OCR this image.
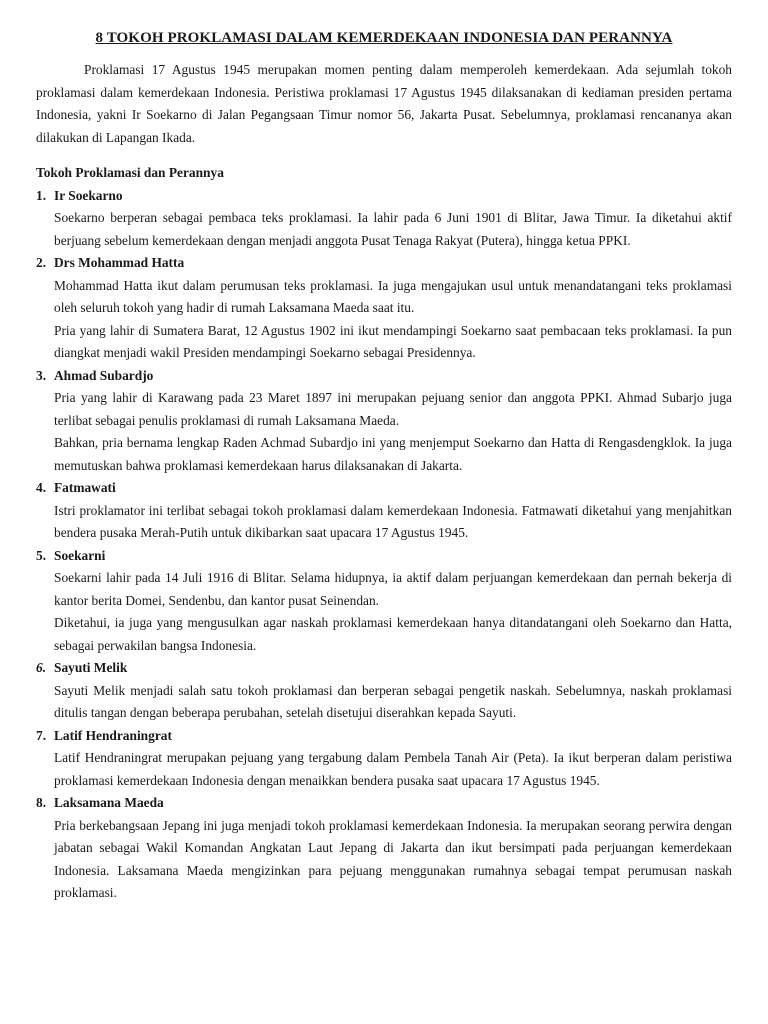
8 TOKOH PROKLAMASI DALAM KEMERDEKAAN INDONESIA DAN PERANNYA

Proklamasi 17 Agustus 1945 merupakan momen penting dalam memperoleh kemerdekaan. Ada sejumlah tokoh proklamasi dalam kemerdekaan Indonesia. Peristiwa proklamasi 17 Agustus 1945 dilaksanakan di kediaman presiden pertama Indonesia, yakni Ir Soekarno di Jalan Pegangsaan Timur nomor 56, Jakarta Pusat. Sebelumnya, proklamasi rencananya akan dilakukan di Lapangan Ikada.

Tokoh Proklamasi dan Perannya
1. Ir Soekarno

Soekarno berperan sebagai pembaca teks proklamasi. Ia lahir pada 6 Juni 1901 di Blitar, Jawa Timur. Ia diketahui aktif berjuang sebelum kemerdekaan dengan menjadi anggota Pusat Tenaga Rakyat (Putera), hingga ketua PPKI.

2. Drs Mohammad Hatta

Mohammad Hatta ikut dalam perumusan teks proklamasi. Ia juga mengajukan usul untuk menandatangani teks proklamasi oleh seluruh tokoh yang hadir di rumah Laksamana Maeda saat itu.

Pria yang lahir di Sumatera Barat, 12 Agustus 1902 ini ikut mendampingi Soekarno saat pembacaan teks proklamasi. Ia pun diangkat menjadi wakil Presiden mendampingi Soekarno sebagai Presidennya.

3. Ahmad Subardjo

Pria yang lahir di Karawang pada 23 Maret 1897 ini merupakan pejuang senior dan anggota PPKI. Ahmad Subarjo juga terlibat sebagai penulis proklamasi di rumah Laksamana Maeda.

Bahkan, pria bernama lengkap Raden Achmad Subardjo ini yang menjemput Soekarno dan Hatta di Rengasdengklok. Ia juga memutuskan bahwa proklamasi kemerdekaan harus dilaksanakan di Jakarta.

4. Fatmawati

Istri proklamator ini terlibat sebagai tokoh proklamasi dalam kemerdekaan Indonesia. Fatmawati diketahui yang menjahitkan bendera pusaka Merah-Putih untuk dikibarkan saat upacara 17 Agustus 1945.

5. Soekarni

Soekarni lahir pada 14 Juli 1916 di Blitar. Selama hidupnya, ia aktif dalam perjuangan kemerdekaan dan pernah bekerja di kantor berita Domei, Sendenbu, dan kantor pusat Seinendan.

Diketahui, ia juga yang mengusulkan agar naskah proklamasi kemerdekaan hanya ditandatangani oleh Soekarno dan Hatta, sebagai perwakilan bangsa Indonesia.

6. Sayuti Melik

Sayuti Melik menjadi salah satu tokoh proklamasi dan berperan sebagai pengetik naskah. Sebelumnya, naskah proklamasi ditulis tangan dengan beberapa perubahan, setelah disetujui diserahkan kepada Sayuti.

7. Latif Hendraningrat

Latif Hendraningrat merupakan pejuang yang tergabung dalam Pembela Tanah Air (Peta). Ia ikut berperan dalam peristiwa proklamasi kemerdekaan Indonesia dengan menaikkan bendera pusaka saat upacara 17 Agustus 1945.

8. Laksamana Maeda

Pria berkebangsaan Jepang ini juga menjadi tokoh proklamasi kemerdekaan Indonesia. Ia merupakan seorang perwira dengan jabatan sebagai Wakil Komandan Angkatan Laut Jepang di Jakarta dan ikut bersimpati pada perjuangan kemerdekaan Indonesia. Laksamana Maeda mengizinkan para pejuang menggunakan rumahnya sebagai tempat perumusan naskah proklamasi.
